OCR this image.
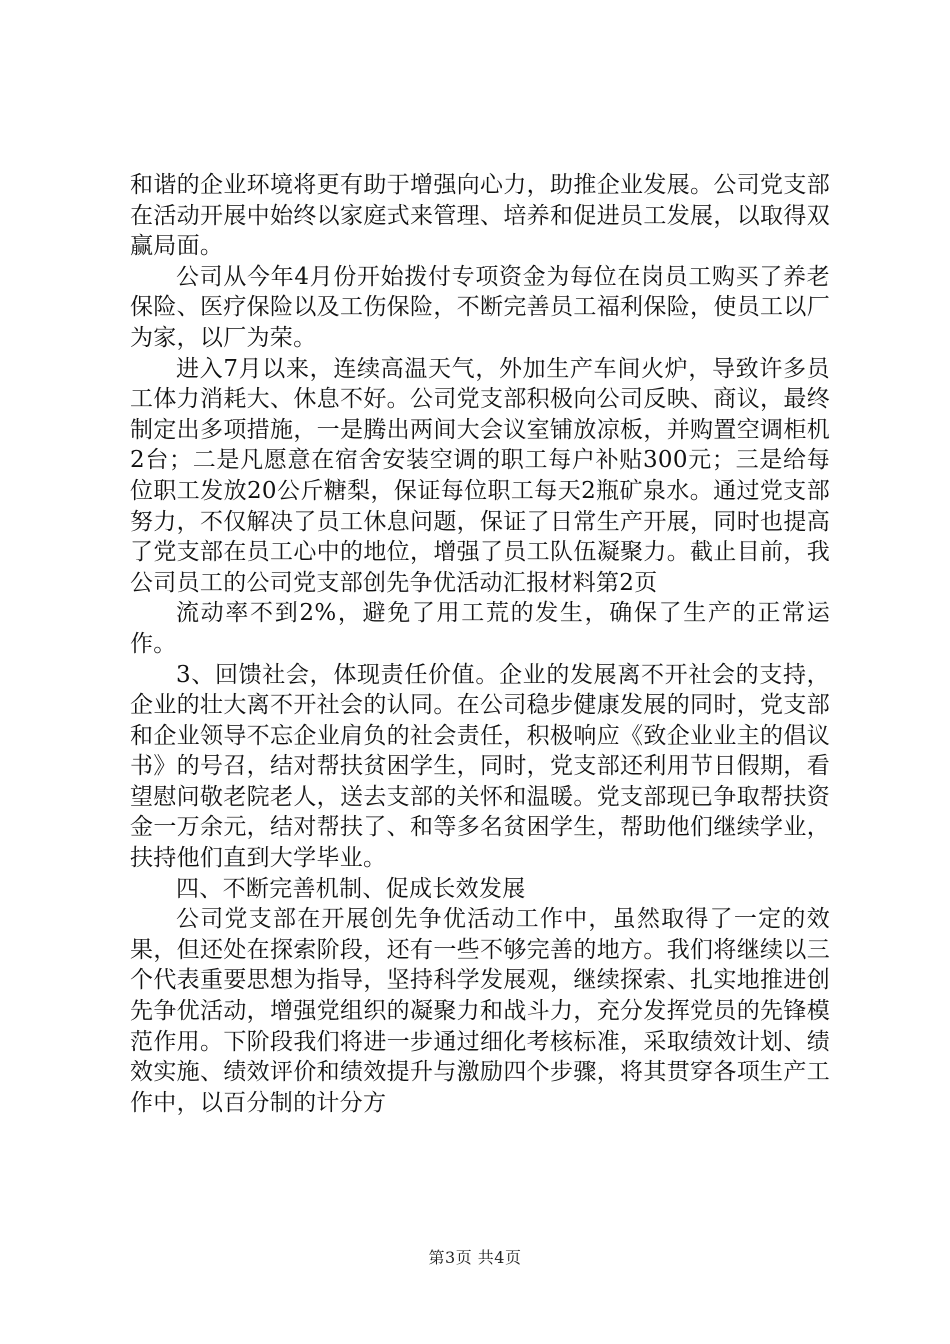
和谐的企业环境将更有助于增强向心力，助推企业发展。公司党支部在活动开展中始终以家庭式来管理、培养和促进员工发展，以取得双赢局面。

公司从今年4月份开始拨付专项资金为每位在岗员工购买了养老保险、医疗保险以及工伤保险，不断完善员工福利保险，使员工以厂为家，以厂为荣。

进入7月以来，连续高温天气，外加生产车间火炉，导致许多员工体力消耗大、休息不好。公司党支部积极向公司反映、商议，最终制定出多项措施，一是腾出两间大会议室铺放凉板，并购置空调柜机2台；二是凡愿意在宿舍安装空调的职工每户补贴300元；三是给每位职工发放20公斤糖梨，保证每位职工每天2瓶矿泉水。通过党支部努力，不仅解决了员工休息问题，保证了日常生产开展，同时也提高了党支部在员工心中的地位，增强了员工队伍凝聚力。截止目前，我公司员工的公司党支部创先争优活动汇报材料第2页

流动率不到2%，避免了用工荒的发生，确保了生产的正常运作。

3、回馈社会，体现责任价值。企业的发展离不开社会的支持，企业的壮大离不开社会的认同。在公司稳步健康发展的同时，党支部和企业领导不忘企业肩负的社会责任，积极响应《致企业业主的倡议书》的号召，结对帮扶贫困学生，同时，党支部还利用节日假期，看望慰问敬老院老人，送去支部的关怀和温暖。党支部现已争取帮扶资金一万余元，结对帮扶了、和等多名贫困学生，帮助他们继续学业，扶持他们直到大学毕业。

四、不断完善机制、促成长效发展

公司党支部在开展创先争优活动工作中，虽然取得了一定的效果，但还处在探索阶段，还有一些不够完善的地方。我们将继续以三个代表重要思想为指导，坚持科学发展观，继续探索、扎实地推进创先争优活动，增强党组织的凝聚力和战斗力，充分发挥党员的先锋模范作用。下阶段我们将进一步通过细化考核标准，采取绩效计划、绩效实施、绩效评价和绩效提升与激励四个步骤，将其贯穿各项生产工作中，以百分制的计分方

第3页 共4页
